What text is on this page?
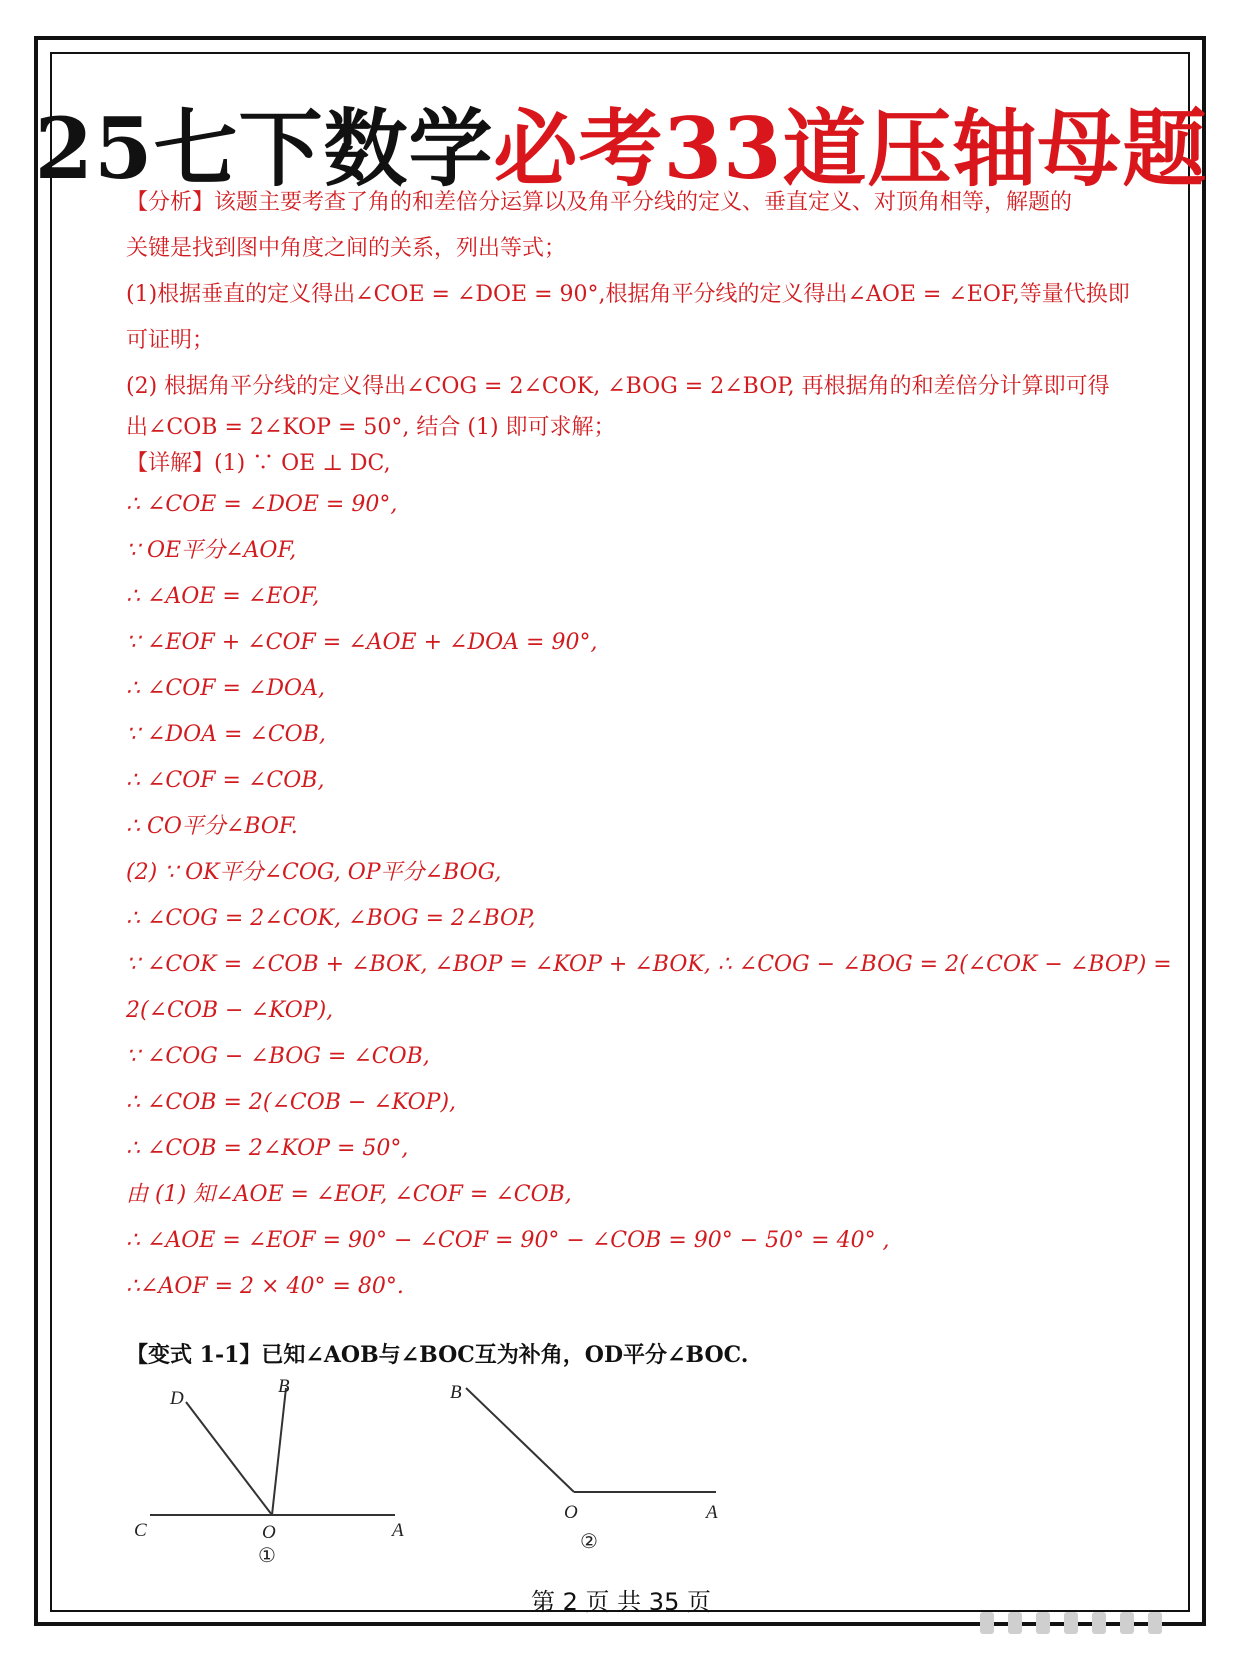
25七下数学必考33道压轴母题
【分析】该题主要考查了角的和差倍分运算以及角平分线的定义、垂直定义、对顶角相等，解题的
关键是找到图中角度之间的关系，列出等式；
(1)根据垂直的定义得出∠COE = ∠DOE = 90°,根据角平分线的定义得出∠AOE = ∠EOF,等量代换即
可证明；
(2) 根据角平分线的定义得出∠COG = 2∠COK, ∠BOG = 2∠BOP, 再根据角的和差倍分计算即可得
出∠COB = 2∠KOP = 50°, 结合 (1) 即可求解；
【详解】(1) ∵ OE ⊥ DC,
∴ ∠COE = ∠DOE = 90°,
∵ OE平分∠AOF,
∴ ∠AOE = ∠EOF,
∵ ∠EOF + ∠COF = ∠AOE + ∠DOA = 90°,
∴ ∠COF = ∠DOA,
∵ ∠DOA = ∠COB,
∴ ∠COF = ∠COB,
∴ CO平分∠BOF.
(2) ∵ OK平分∠COG, OP平分∠BOG,
∴ ∠COG = 2∠COK, ∠BOG = 2∠BOP,
∵ ∠COK = ∠COB + ∠BOK, ∠BOP = ∠KOP + ∠BOK, ∴ ∠COG − ∠BOG = 2(∠COK − ∠BOP) =
2(∠COB − ∠KOP),
∵ ∠COG − ∠BOG = ∠COB,
∴ ∠COB = 2(∠COB − ∠KOP),
∴ ∠COB = 2∠KOP = 50°,
由 (1) 知∠AOE = ∠EOF, ∠COF = ∠COB,
∴ ∠AOE = ∠EOF = 90° − ∠COF = 90° − ∠COB = 90° − 50° = 40° ,
∴∠AOF = 2 × 40° = 80°.
【变式 1-1】已知∠AOB与∠BOC互为补角，OD平分∠BOC.
D
B
C	O	A
①
B
O	A
②
第 2 页 共 35 页
